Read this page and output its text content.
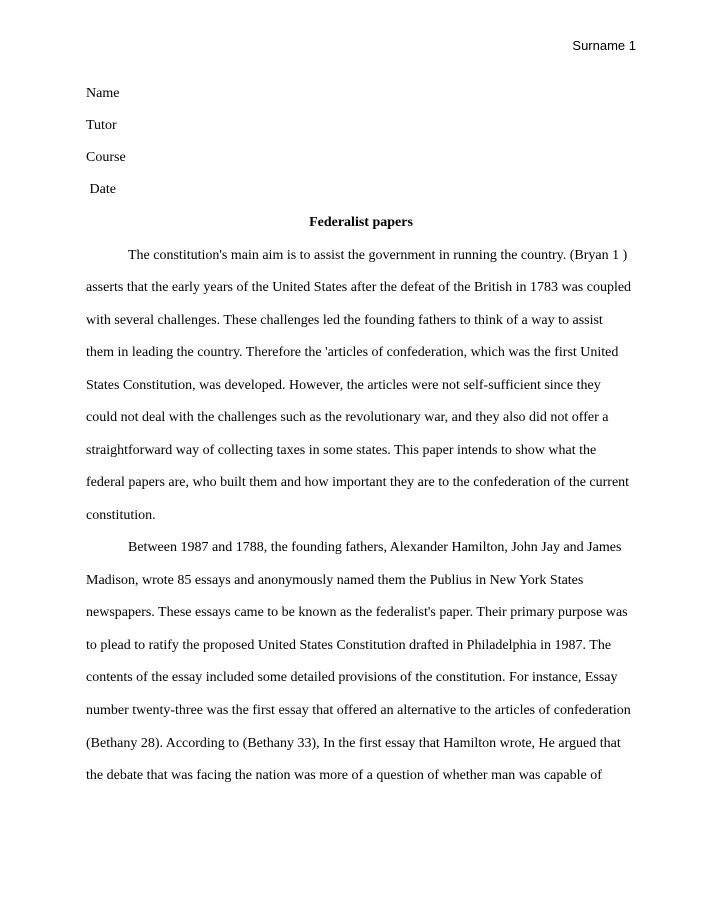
Surname 1
Name
Tutor
Course
Date
Federalist papers
The constitution's main aim is to assist the government in running the country. (Bryan 1 )
asserts that the early years of the United States after the defeat of the British in 1783 was coupled
with several challenges. These challenges led the founding fathers to think of a way to assist
them in leading the country. Therefore the 'articles of confederation, which was the first United
States Constitution, was developed. However, the articles were not self-sufficient since they
could not deal with the challenges such as the revolutionary war, and they also did not offer a
straightforward way of collecting taxes in some states. This paper intends to show what the
federal papers are, who built them and how important they are to the confederation of the current
constitution.
Between 1987 and 1788, the founding fathers, Alexander Hamilton, John Jay and James
Madison, wrote 85 essays and anonymously named them the Publius in New York States
newspapers. These essays came to be known as the federalist's paper. Their primary purpose was
to plead to ratify the proposed United States Constitution drafted in Philadelphia in 1987. The
contents of the essay included some detailed provisions of the constitution. For instance, Essay
number twenty-three was the first essay that offered an alternative to the articles of confederation
(Bethany 28). According to (Bethany 33), In the first essay that Hamilton wrote, He argued that
the debate that was facing the nation was more of a question of whether man was capable of
